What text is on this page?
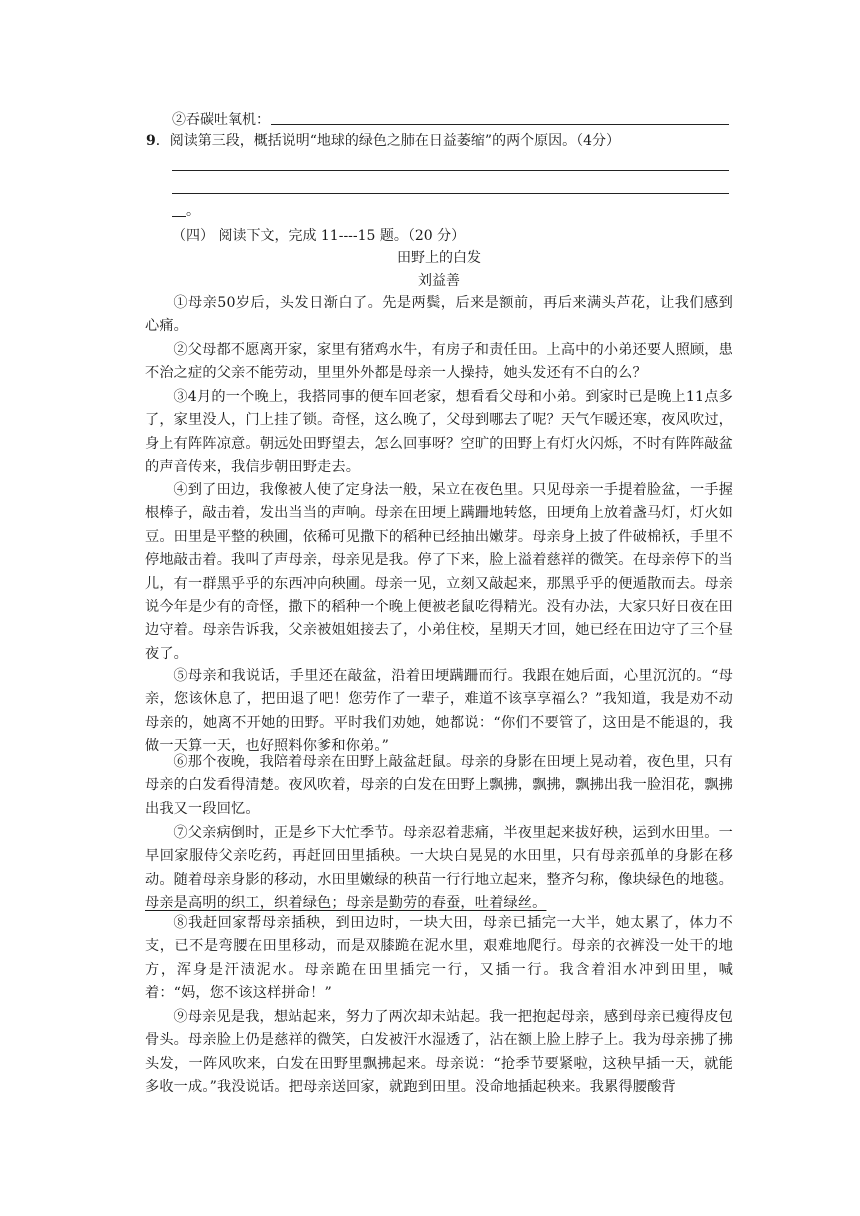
②吞碳吐氧机：
9．阅读第三段，概括说明“地球的绿色之肺在日益萎缩”的两个原因。（4分）
。
（四） 阅读下文，完成 11----15 题。（20 分）
田野上的白发
刘益善
①母亲50岁后，头发日渐白了。先是两鬓，后来是额前，再后来满头芦花，让我们感到心痛。
②父母都不愿离开家，家里有猪鸡水牛，有房子和责任田。上高中的小弟还要人照顾，患不治之症的父亲不能劳动，里里外外都是母亲一人操持，她头发还有不白的么？
③4月的一个晚上，我搭同事的便车回老家，想看看父母和小弟。到家时已是晚上11点多了，家里没人，门上挂了锁。奇怪，这么晚了，父母到哪去了呢？天气乍暖还寒，夜风吹过，身上有阵阵凉意。朝远处田野望去，怎么回事呀？空旷的田野上有灯火闪烁，不时有阵阵敲盆的声音传来，我信步朝田野走去。
④到了田边，我像被人使了定身法一般，呆立在夜色里。只见母亲一手提着脸盆，一手握根棒子，敲击着，发出当当的声响。母亲在田埂上蹒跚地转悠，田埂角上放着盏马灯，灯火如豆。田里是平整的秧圃，依稀可见撒下的稻种已经抽出嫩芽。母亲身上披了件破棉袄，手里不停地敲击着。我叫了声母亲，母亲见是我。停了下来，脸上溢着慈祥的微笑。在母亲停下的当儿，有一群黑乎乎的东西冲向秧圃。母亲一见，立刻又敲起来，那黑乎乎的便遁散而去。母亲说今年是少有的奇怪，撒下的稻种一个晚上便被老鼠吃得精光。没有办法，大家只好日夜在田边守着。母亲告诉我，父亲被姐姐接去了，小弟住校，星期天才回，她已经在田边守了三个昼夜了。
⑤母亲和我说话，手里还在敲盆，沿着田埂蹒跚而行。我跟在她后面，心里沉沉的。“母亲，您该休息了，把田退了吧！您劳作了一辈子，难道不该享享福么？”我知道，我是劝不动母亲的，她离不开她的田野。平时我们劝她，她都说：“你们不要管了，这田是不能退的，我做一天算一天，也好照料你爹和你弟。”
⑥那个夜晚，我陪着母亲在田野上敲盆赶鼠。母亲的身影在田埂上晃动着，夜色里，只有母亲的白发看得清楚。夜风吹着，母亲的白发在田野上飘拂，飘拂，飘拂出我一脸泪花，飘拂出我又一段回忆。
⑦父亲病倒时，正是乡下大忙季节。母亲忍着悲痛，半夜里起来拔好秧，运到水田里。一早回家服侍父亲吃药，再赶回田里插秧。一大块白晃晃的水田里，只有母亲孤单的身影在移动。随着母亲身影的移动，水田里嫩绿的秧苗一行行地立起来，整齐匀称，像块绿色的地毯。母亲是高明的织工，织着绿色；母亲是勤劳的春蚕，吐着绿丝。
⑧我赶回家帮母亲插秧，到田边时，一块大田，母亲已插完一大半，她太累了，体力不支，已不是弯腰在田里移动，而是双膝跪在泥水里，艰难地爬行。母亲的衣裤没一处干的地方，浑身是汗渍泥水。母亲跪在田里插完一行，又插一行。我含着泪水冲到田里，喊着：“妈，您不该这样拼命！”
⑨母亲见是我，想站起来，努力了两次却未站起。我一把抱起母亲，感到母亲已瘦得皮包骨头。母亲脸上仍是慈祥的微笑，白发被汗水湿透了，沾在额上脸上脖子上。我为母亲拂了拂头发，一阵风吹来，白发在田野里飘拂起来。母亲说：“抢季节要紧啦，这秧早插一天，就能多收一成。”我没说话。把母亲送回家，就跑到田里。没命地插起秧来。我累得腰酸背
